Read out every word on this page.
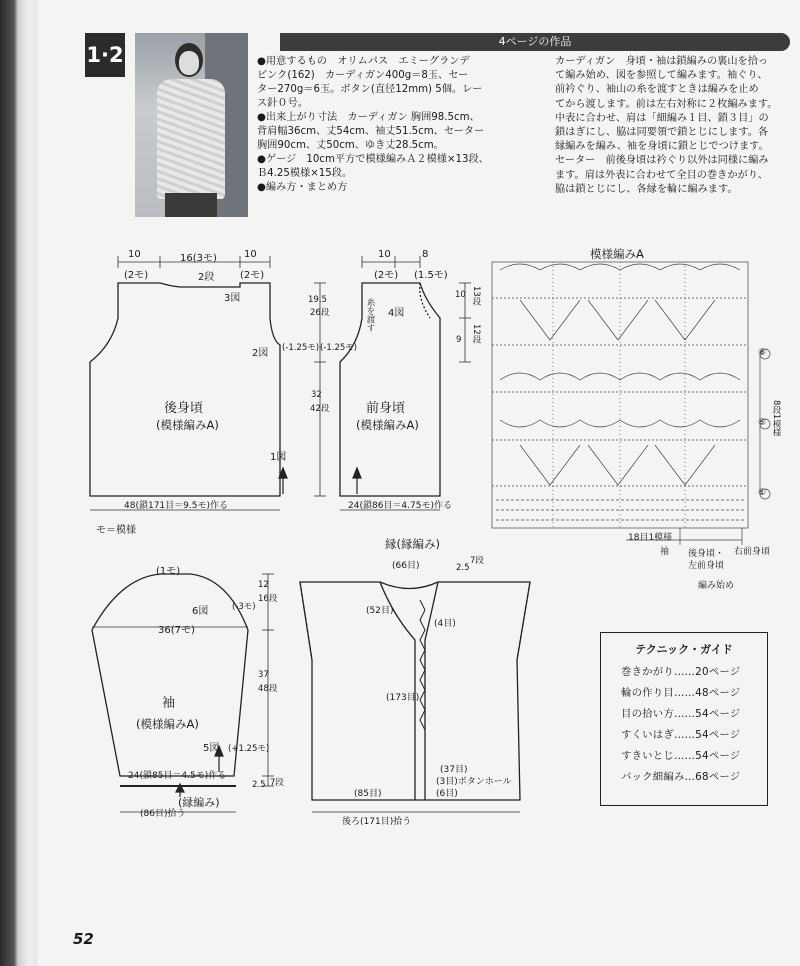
1·2
4ページの作品

●用意するもの　オリムパス　エミーグランデ

ピンク(162)　カーディガン400g＝8玉、セー

ター270g＝6玉。ボタン(直径12mm) 5個。レー

ス針０号。

●出来上がり寸法　カーディガン 胸囲98.5cm、

背肩幅36cm、丈54cm、袖丈51.5cm、セーター

胸囲90cm、丈50cm、ゆき丈28.5cm。

●ゲージ　10cm平方で模様編みＡ２模様×13段、

Ｂ4.25模様×15段。

●編み方・まとめ方

カーディガン　身頃・袖は鎖編みの裏山を拾っ

て編み始め、図を参照して編みます。袖ぐり、

前衿ぐり、袖山の糸を渡すときは編みを止め

てから渡します。前は左右対称に２枚編みます。

中表に合わせ、肩は「細編み１目、鎖３目」の

鎖はぎにし、脇は同要領で鎖とじにします。各

縁編みを編み、袖を身頃に鎖とじでつけます。

セーター　前後身頃は衿ぐり以外は同様に編み

ます。肩は外表に合わせて全目の巻きかがり、

脇は鎖とじにし、各縁を輪に編みます。

10
(2モ)
16(3モ)
2段
10
(2モ)
3図
2図
1図
(-1.25モ)
後身頃
(模様編みA)
48(鎖171目＝9.5モ)作る
19.5
26段
32
42段
10
(2モ)
8
(1.5モ)
4図
糸を渡す
(-1.25モ)
前身頃
(模様編みA)
24(鎖86目＝4.75モ)作る
10 13段
9 12段
モ＝模様
(1モ)
6図	(-3モ)
36(7モ)
袖
(模様編みA)
5図 (+1.25モ)
24(鎖85目＝4.5モ)作る
(縁編み)
(86目)拾う
12
16段
37
48段
2.5 7段
縁(縁編み)
(66目)	2.5
7段
(52目)
(4目)
(173目)
(37目)
(3目)ボタンホール
(6目)
(85目)
後ろ(171目)拾う
模様編みA
⑧
⑤
①
8段1模様
18目1模様
袖 後身頃・
左前身頃
右前身頃
編み始め
テクニック・ガイド
巻きかがり……20ページ
輪の作り目……48ページ
目の拾い方……54ページ
すくいはぎ……54ページ
すきいとじ……54ページ
バック細編み…68ページ
52
